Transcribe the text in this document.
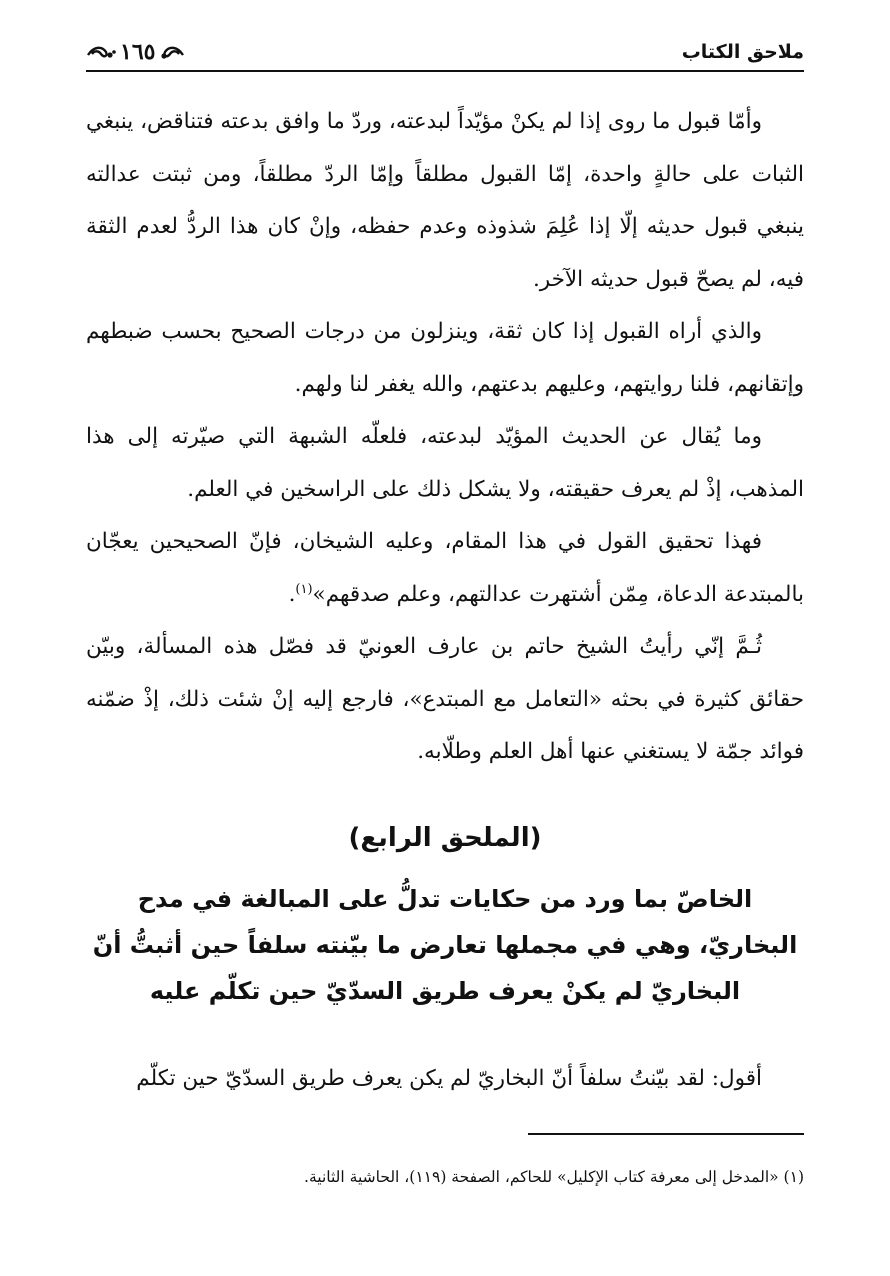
ملاحق الكتاب
١٦٥

وأمّا قبول ما روى إذا لم يكنْ مؤيّداً لبدعته، وردّ ما وافق بدعته فتناقض، ينبغي الثبات على حالةٍ واحدة، إمّا القبول مطلقاً وإمّا الردّ مطلقاً، ومن ثبتت عدالته ينبغي قبول حديثه إلّا إذا عُلِمَ شذوذه وعدم حفظه، وإنْ كان هذا الردُّ لعدم الثقة فيه، لم يصحّ قبول حديثه الآخر.

والذي أراه القبول إذا كان ثقة، وينزلون من درجات الصحيح بحسب ضبطهم وإتقانهم، فلنا روايتهم، وعليهم بدعتهم، والله يغفر لنا ولهم.

وما يُقال عن الحديث المؤيّد لبدعته، فلعلّه الشبهة التي صيّرته إلى هذا المذهب، إذْ لم يعرف حقيقته، ولا يشكل ذلك على الراسخين في العلم.

فهذا تحقيق القول في هذا المقام، وعليه الشيخان، فإنّ الصحيحين يعجّان بالمبتدعة الدعاة، مِمّن أشتهرت عدالتهم، وعلم صدقهم»$^{(١)}$.

ثُـمَّ إنّي رأيتُ الشيخ حاتم بن عارف العونيّ قد فصّل هذه المسألة، وبيّن حقائق كثيرة في بحثه «التعامل مع المبتدع»، فارجع إليه إنْ شئت ذلك، إذْ ضمّنه فوائد جمّة لا يستغني عنها أهل العلم وطلّابه.

(الملحق الرابع)
الخاصّ بما ورد من حكايات تدلُّ على المبالغة في مدح البخاريّ، وهي في مجملها تعارض ما بيّنته سلفاً حين أثبتُّ أنّ البخاريّ لم يكنْ يعرف طريق السدّيّ حين تكلّم عليه

أقول: لقد بيّنتُ سلفاً أنّ البخاريّ لم يكن يعرف طريق السدّيّ حين تكلّم

(١) «المدخل إلى معرفة كتاب الإكليل» للحاكم، الصفحة (١١٩)، الحاشية الثانية.
